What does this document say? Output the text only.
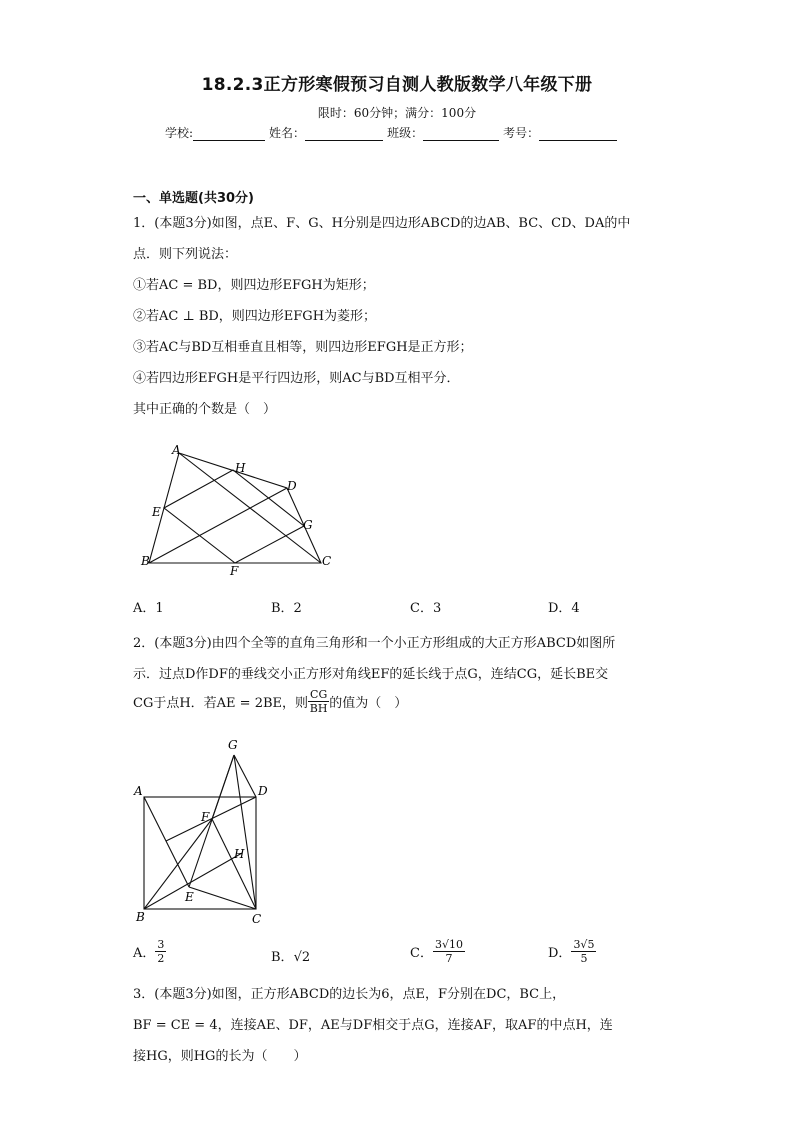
18.2.3正方形寒假预习自测人教版数学八年级下册
限时：60分钟；满分：100分
学校:	姓名：	班级：	考号：
一、单选题(共30分)
1．(本题3分)如图，点E、F、G、H分别是四边形ABCD的边AB、BC、CD、DA的中
点．则下列说法：
①若AC = BD，则四边形EFGH为矩形；
②若AC ⊥ BD，则四边形EFGH为菱形；
③若AC与BD互相垂直且相等，则四边形EFGH是正方形；
④若四边形EFGH是平行四边形，则AC与BD互相平分．
其中正确的个数是（　）
A
H
D
E
G
B
F
C
A．1	B．2	C．3	D．4
2．(本题3分)由四个全等的直角三角形和一个小正方形组成的大正方形ABCD如图所
示．过点D作DF的垂线交小正方形对角线EF的延长线于点G，连结CG，延长BE交
CG于点H．若AE = 2BE，则 $\frac{CG}{BH}$ 的值为（　）
G
A	D
F
H
E
B	C
A． $\frac{3}{2}$	B．√2	C． $\frac{3√10}{7}$	D． $\frac{3√5}{5}$
3．(本题3分)如图，正方形ABCD的边长为6，点E，F分别在DC，BC上，
BF = CE = 4，连接AE、DF，AE与DF相交于点G，连接AF，取AF的中点H，连
接HG，则HG的长为（　　）
